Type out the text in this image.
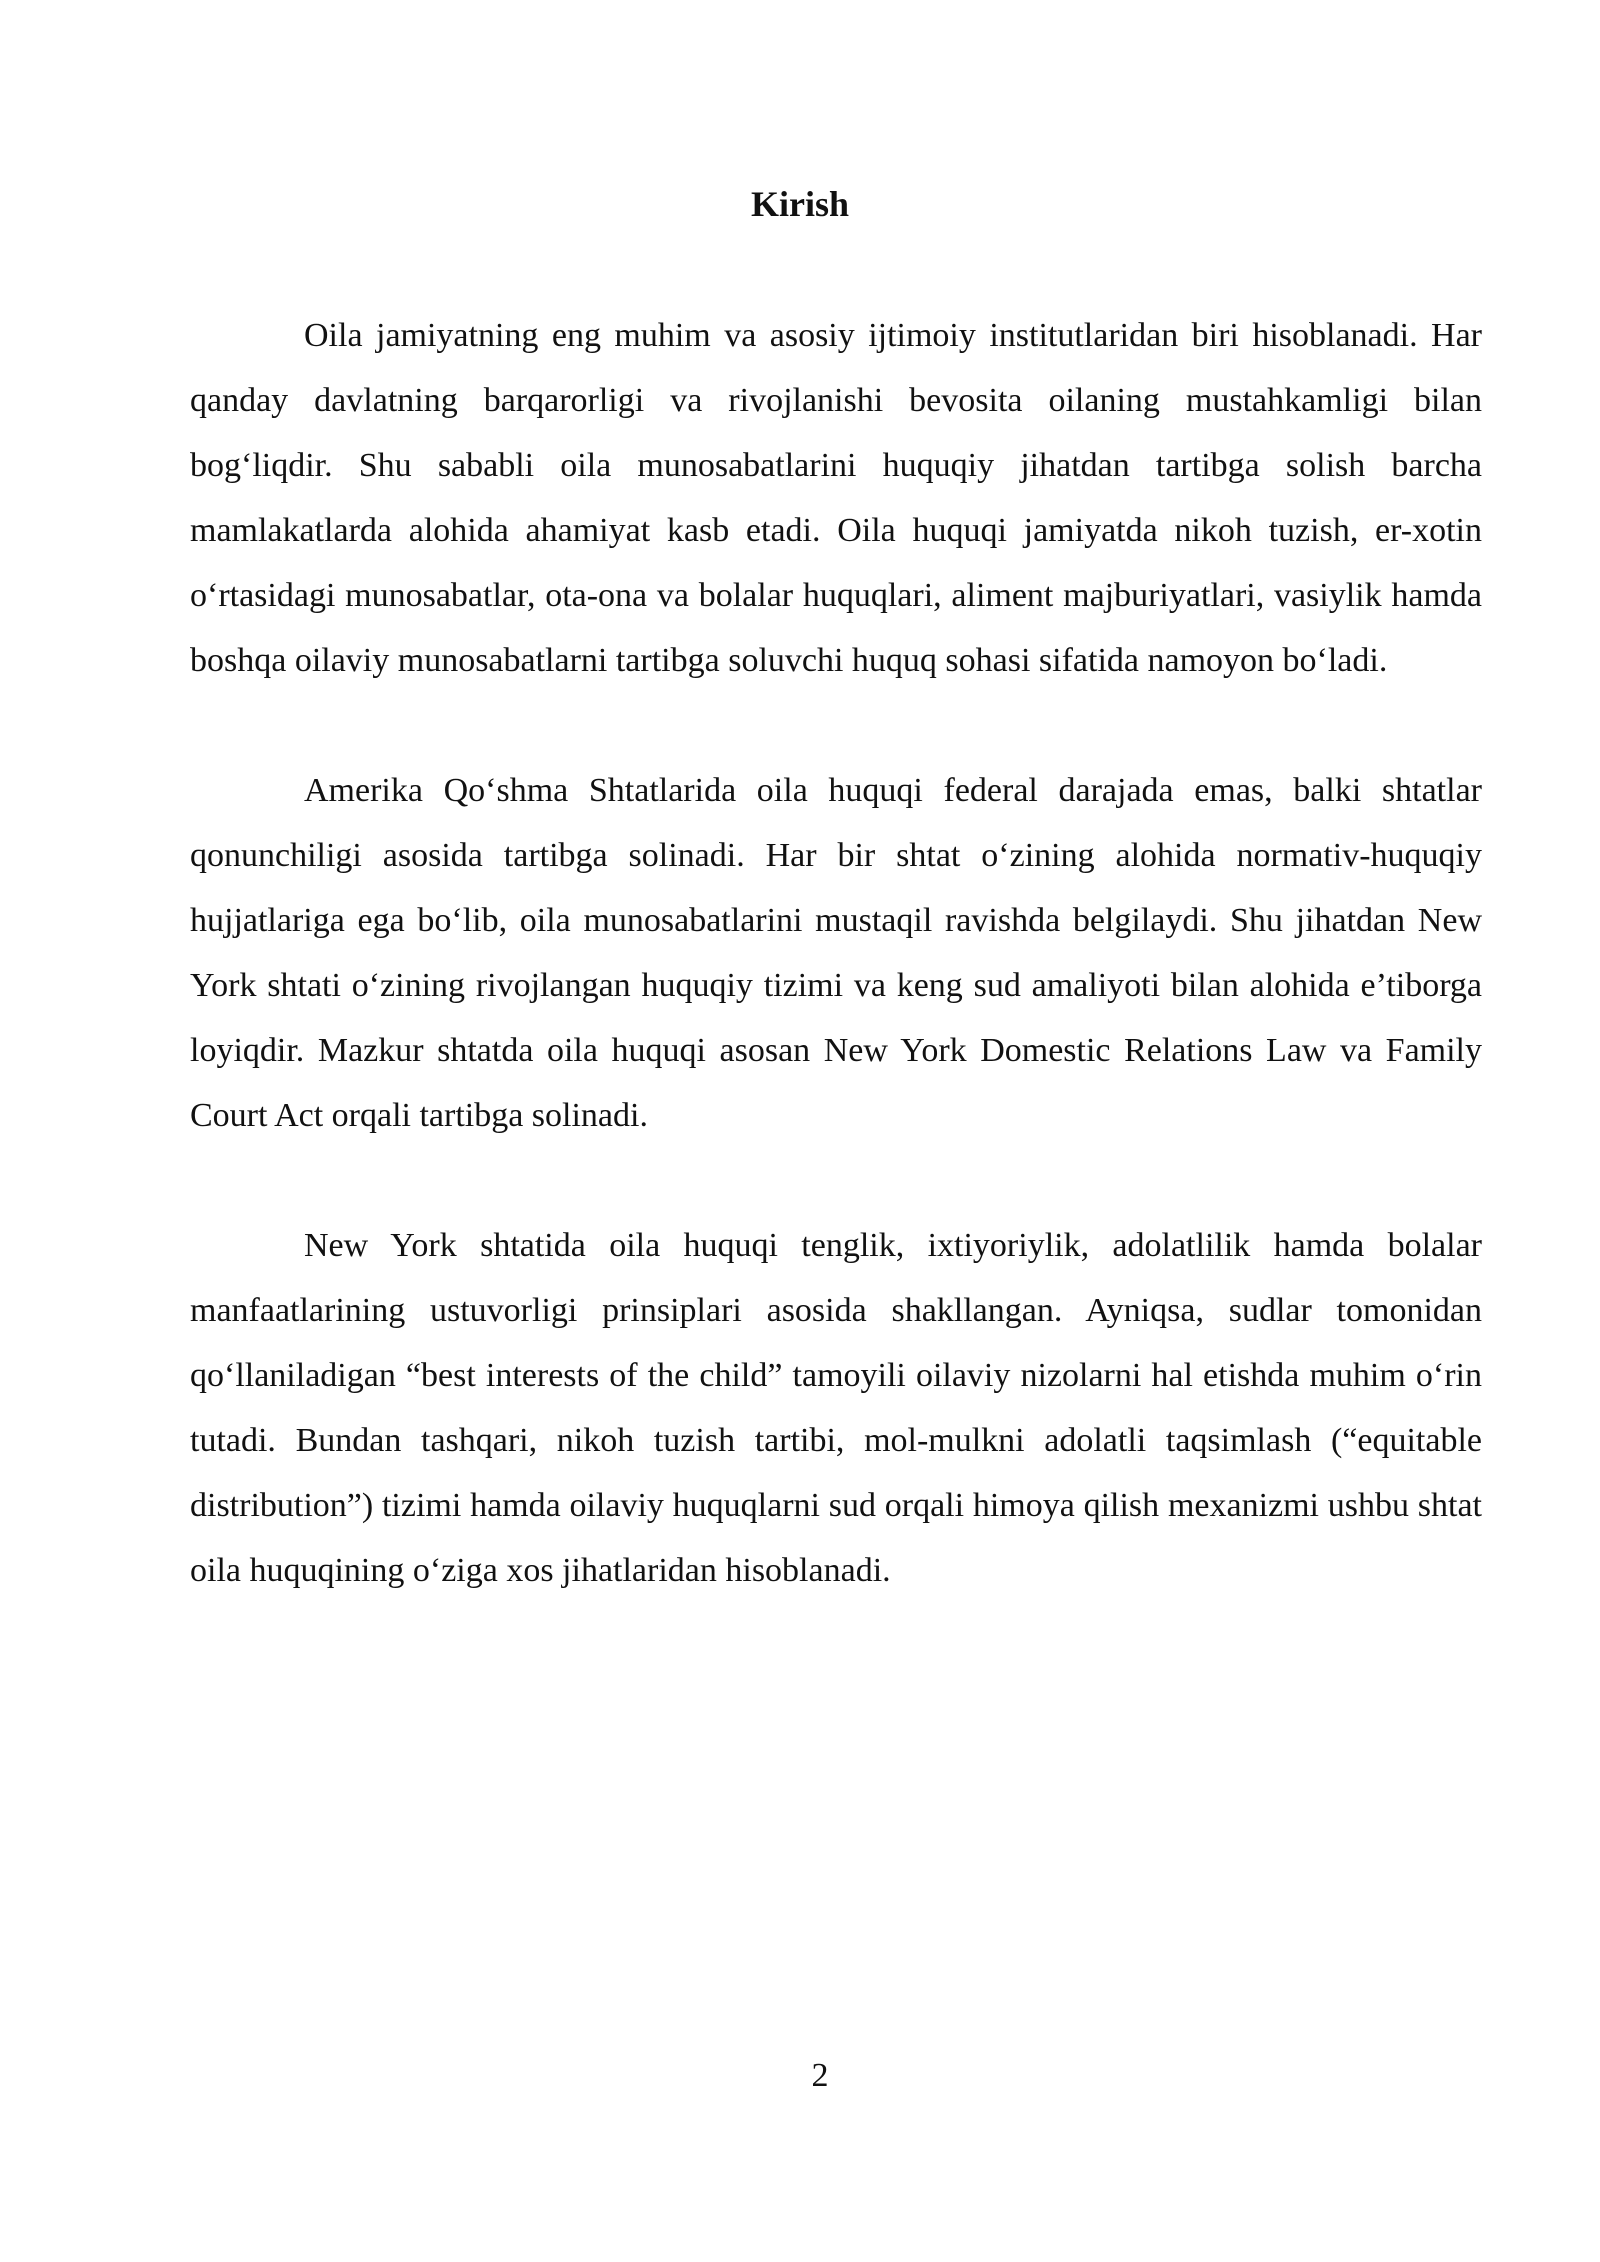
Kirish

Oila jamiyatning eng muhim va asosiy ijtimoiy institutlaridan biri hisoblanadi. Har qanday davlatning barqarorligi va rivojlanishi bevosita oilaning mustahkamligi bilan bog‘liqdir. Shu sababli oila munosabatlarini huquqiy jihatdan tartibga solish barcha mamlakatlarda alohida ahamiyat kasb etadi. Oila huquqi jamiyatda nikoh tuzish, er-xotin o‘rtasidagi munosabatlar, ota-ona va bolalar huquqlari, aliment majburiyatlari, vasiylik hamda boshqa oilaviy munosabatlarni tartibga soluvchi huquq sohasi sifatida namoyon bo‘ladi.

Amerika Qo‘shma Shtatlarida oila huquqi federal darajada emas, balki shtatlar qonunchiligi asosida tartibga solinadi. Har bir shtat o‘zining alohida normativ-huquqiy hujjatlariga ega bo‘lib, oila munosabatlarini mustaqil ravishda belgilaydi. Shu jihatdan New York shtati o‘zining rivojlangan huquqiy tizimi va keng sud amaliyoti bilan alohida e’tiborga loyiqdir. Mazkur shtatda oila huquqi asosan New York Domestic Relations Law va Family Court Act orqali tartibga solinadi.

New York shtatida oila huquqi tenglik, ixtiyoriylik, adolatlilik hamda bolalar manfaatlarining ustuvorligi prinsiplari asosida shakllangan. Ayniqsa, sudlar tomonidan qo‘llaniladigan “best interests of the child” tamoyili oilaviy nizolarni hal etishda muhim o‘rin tutadi. Bundan tashqari, nikoh tuzish tartibi, mol-mulkni adolatli taqsimlash (“equitable distribution”) tizimi hamda oilaviy huquqlarni sud orqali himoya qilish mexanizmi ushbu shtat oila huquqining o‘ziga xos jihatlaridan hisoblanadi.

2
